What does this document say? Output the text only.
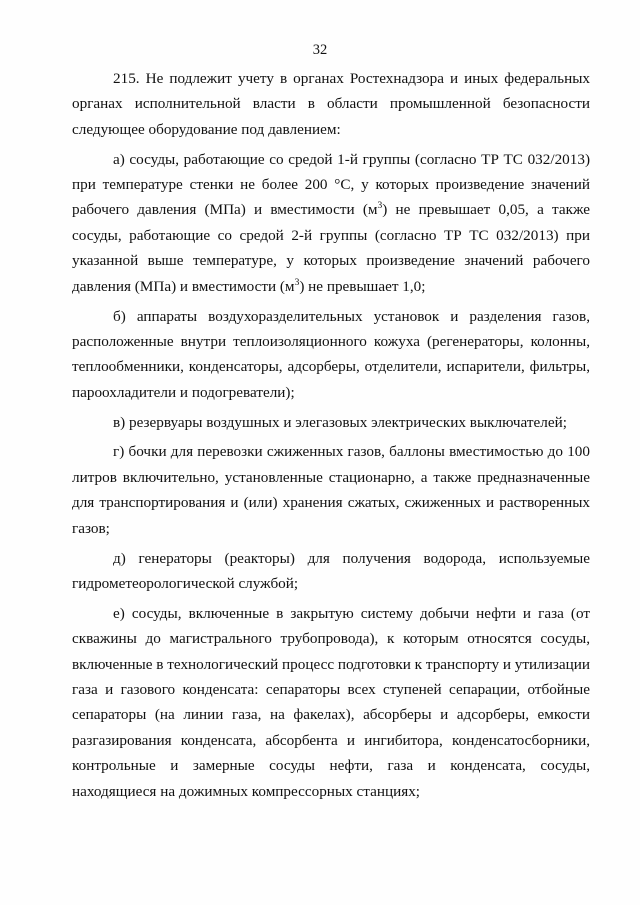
32
215. Не подлежит учету в органах Ростехнадзора и иных федеральных
органах исполнительной власти в области промышленной безопасности
следующее оборудование под давлением:
а) сосуды, работающие со средой 1-й группы (согласно ТР ТС 032/2013)
при температуре стенки не более 200 °С, у которых произведение значений
рабочего давления (МПа) и вместимости $(м^3)$ не превышает 0,05, а также
сосуды, работающие со средой 2-й группы (согласно ТР ТС 032/2013) при
указанной выше температуре, у которых произведение значений рабочего
давления (МПа) и вместимости $(м^3)$ не превышает 1,0;
б) аппараты воздухоразделительных установок и разделения газов,
расположенные внутри теплоизоляционного кожуха (регенераторы, колонны,
теплообменники, конденсаторы, адсорберы, отделители, испарители, фильтры,
пароохладители и подогреватели);
в) резервуары воздушных и элегазовых электрических выключателей;
г) бочки для перевозки сжиженных газов, баллоны вместимостью до 100
литров включительно, установленные стационарно, а также предназначенные
для транспортирования и (или) хранения сжатых, сжиженных и растворенных
газов;
д) генераторы (реакторы) для получения водорода, используемые
гидрометеорологической службой;
е) сосуды, включенные в закрытую систему добычи нефти и газа (от
скважины до магистрального трубопровода), к которым относятся сосуды,
включенные в технологический процесс подготовки к транспорту и утилизации
газа и газового конденсата: сепараторы всех ступеней сепарации, отбойные
сепараторы (на линии газа, на факелах), абсорберы и адсорберы, емкости
разгазирования конденсата, абсорбента и ингибитора, конденсатосборники,
контрольные и замерные сосуды нефти, газа и конденсата, сосуды,
находящиеся на дожимных компрессорных станциях;
